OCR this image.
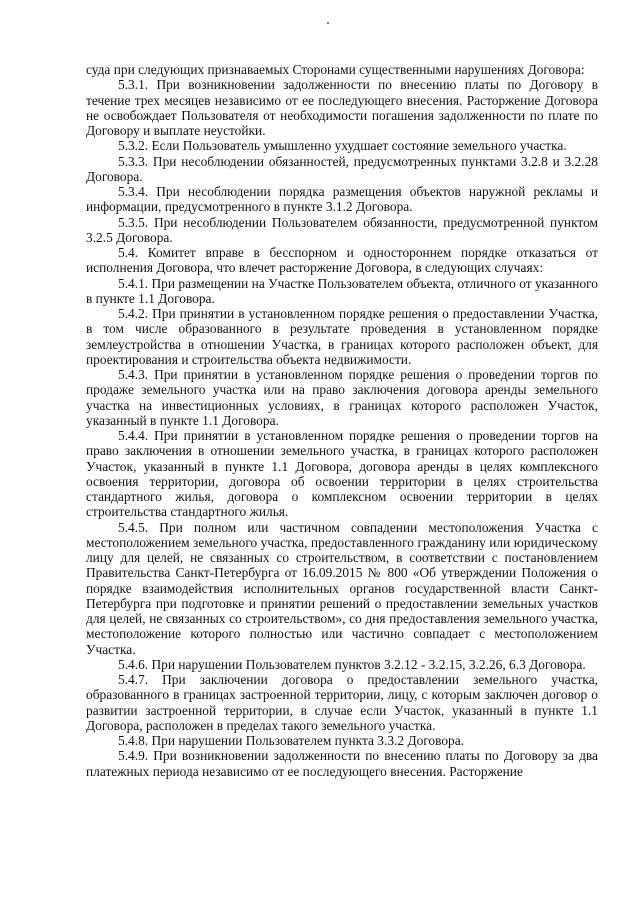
суда при следующих признаваемых Сторонами существенными нарушениях Договора:

5.3.1. При возникновении задолженности по внесению платы по Договору в течение трех месяцев независимо от ее последующего внесения. Расторжение Договора не освобождает Пользователя от необходимости погашения задолженности по плате по Договору и выплате неустойки.

5.3.2. Если Пользователь умышленно ухудшает состояние земельного участка.

5.3.3. При несоблюдении обязанностей, предусмотренных пунктами 3.2.8 и 3.2.28 Договора.

5.3.4. При несоблюдении порядка размещения объектов наружной рекламы и информации, предусмотренного в пункте 3.1.2 Договора.

5.3.5. При несоблюдении Пользователем обязанности, предусмотренной пунктом 3.2.5 Договора.

5.4. Комитет вправе в бесспорном и одностороннем порядке отказаться от исполнения Договора, что влечет расторжение Договора, в следующих случаях:

5.4.1. При размещении на Участке Пользователем объекта, отличного от указанного в пункте 1.1 Договора.

5.4.2. При принятии в установленном порядке решения о предоставлении Участка, в том числе образованного в результате проведения в установленном порядке землеустройства в отношении Участка, в границах которого расположен объект, для проектирования и строительства объекта недвижимости.

5.4.3. При принятии в установленном порядке решения о проведении торгов по продаже земельного участка или на право заключения договора аренды земельного участка на инвестиционных условиях, в границах которого расположен Участок, указанный в пункте 1.1 Договора.

5.4.4. При принятии в установленном порядке решения о проведении торгов на право заключения в отношении земельного участка, в границах которого расположен Участок, указанный в пункте 1.1 Договора, договора аренды в целях комплексного освоения территории, договора об освоении территории в целях строительства стандартного жилья, договора о комплексном освоении территории в целях строительства стандартного жилья.

5.4.5. При полном или частичном совпадении местоположения Участка с местоположением земельного участка, предоставленного гражданину или юридическому лицу для целей, не связанных со строительством, в соответствии с постановлением Правительства Санкт-Петербурга от 16.09.2015 № 800 «Об утверждении Положения о порядке взаимодействия исполнительных органов государственной власти Санкт-Петербурга при подготовке и принятии решений о предоставлении земельных участков для целей, не связанных со строительством», со дня предоставления земельного участка, местоположение которого полностью или частично совпадает с местоположением Участка.

5.4.6. При нарушении Пользователем пунктов 3.2.12 - 3.2.15, 3.2.26, 6.3 Договора.

5.4.7. При заключении договора о предоставлении земельного участка, образованного в границах застроенной территории, лицу, с которым заключен договор о развитии застроенной территории, в случае если Участок, указанный в пункте 1.1 Договора, расположен в пределах такого земельного участка.

5.4.8. При нарушении Пользователем пункта 3.3.2 Договора.

5.4.9. При возникновении задолженности по внесению платы по Договору за два платежных периода независимо от ее последующего внесения. Расторжение
